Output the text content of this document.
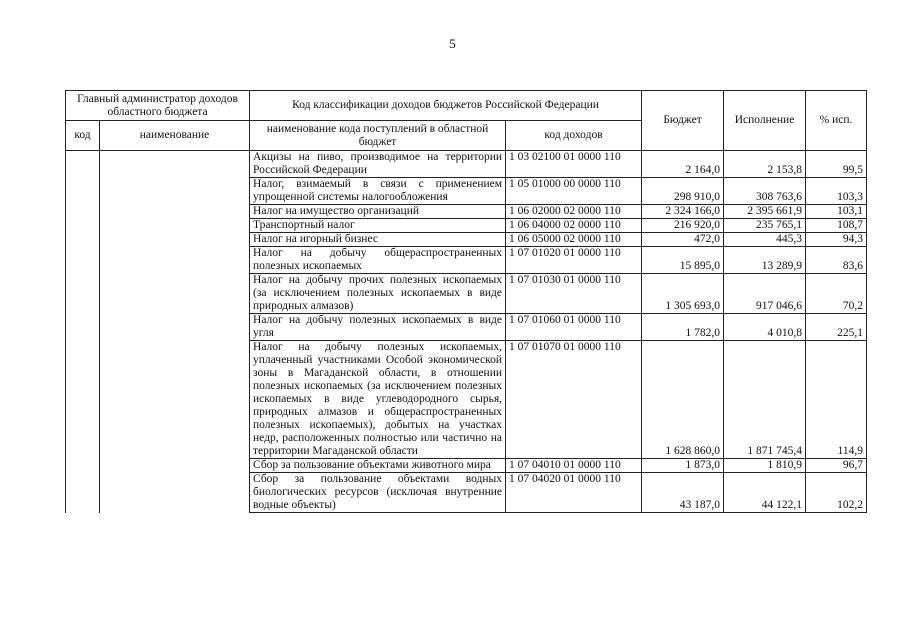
5
Главный администратор доходов областного бюджета		Код классификации доходов бюджетов Российской Федерации		Бюджет	Исполнение	% исп.
код	наименование	наименование кода поступлений в областной бюджет	код доходов			
		Акцизы на пиво, производимое на территории Российской Федерации	1 03 02100 01 0000 110	2 164,0	2 153,8	99,5
		Налог, взимаемый в связи с применением упрощенной системы налогообложения	1 05 01000 00 0000 110	298 910,0	308 763,6	103,3
		Налог на имущество организаций	1 06 02000 02 0000 110	2 324 166,0	2 395 661,9	103,1
		Транспортный налог	1 06 04000 02 0000 110	216 920,0	235 765,1	108,7
		Налог на игорный бизнес	1 06 05000 02 0000 110	472,0	445,3	94,3
		Налог на добычу общераспространенных полезных ископаемых	1 07 01020 01 0000 110	15 895,0	13 289,9	83,6
		Налог на добычу прочих полезных ископаемых (за исключением полезных ископаемых в виде природных алмазов)	1 07 01030 01 0000 110	1 305 693,0	917 046,6	70,2
		Налог на добычу полезных ископаемых в виде угля	1 07 01060 01 0000 110	1 782,0	4 010,8	225,1
		Налог на добычу полезных ископаемых, уплаченный участниками Особой экономической зоны в Магаданской области, в отношении полезных ископаемых (за исключением полезных ископаемых в виде углеводородного сырья, природных алмазов и общераспространенных полезных ископаемых), добытых на участках недр, расположенных полностью или частично на территории Магаданской области	1 07 01070 01 0000 110	1 628 860,0	1 871 745,4	114,9
		Сбор за пользование объектами животного мира	1 07 04010 01 0000 110	1 873,0	1 810,9	96,7
		Сбор за пользование объектами водных биологических ресурсов (исключая внутренние водные объекты)	1 07 04020 01 0000 110	43 187,0	44 122,1	102,2
